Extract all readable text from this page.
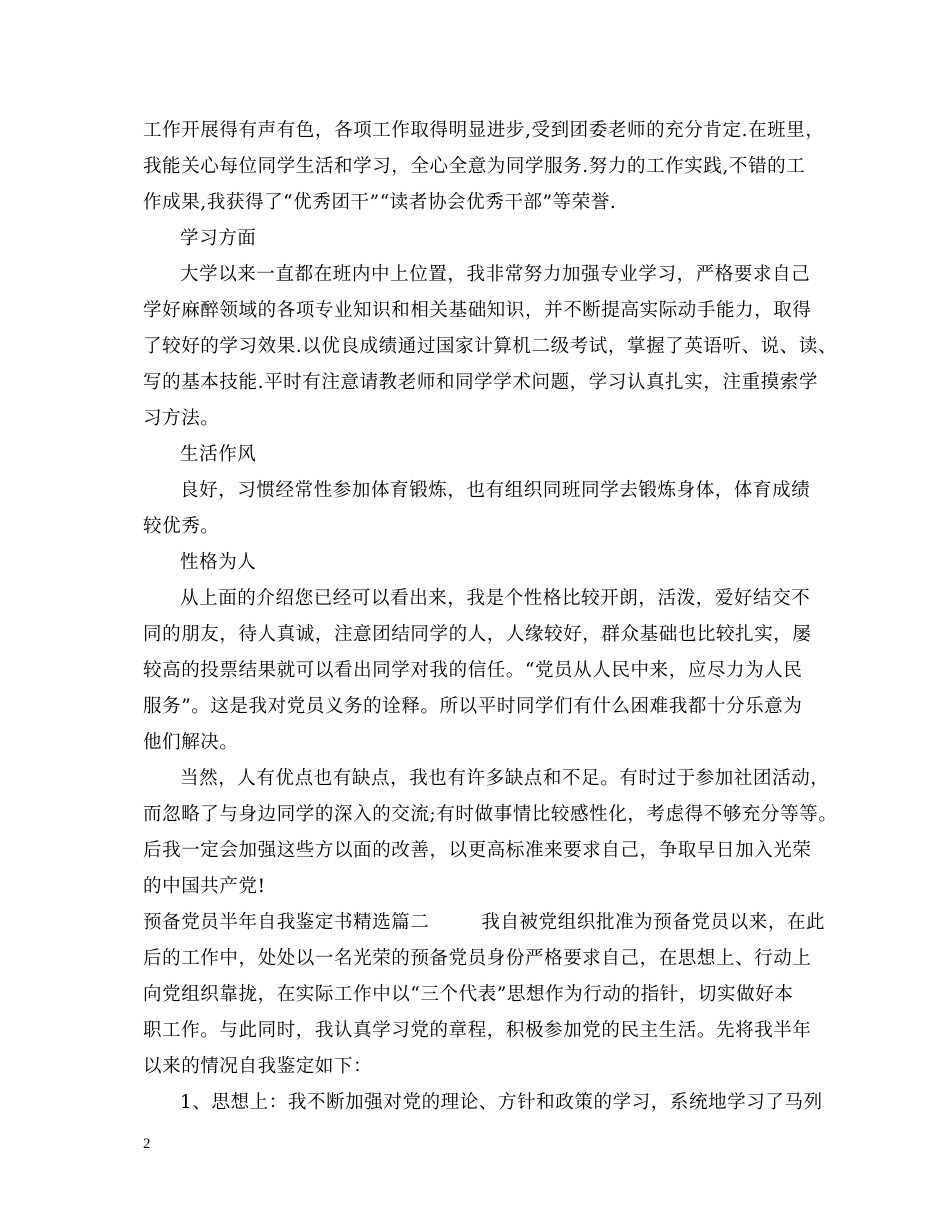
工作开展得有声有色，各项工作取得明显进步,受到团委老师的充分肯定.在班里，
我能关心每位同学生活和学习，全心全意为同学服务.努力的工作实践,不错的工
作成果,我获得了“优秀团干”“读者协会优秀干部”等荣誉.
学习方面
大学以来一直都在班内中上位置，我非常努力加强专业学习，严格要求自己
学好麻醉领域的各项专业知识和相关基础知识，并不断提高实际动手能力，取得
了较好的学习效果.以优良成绩通过国家计算机二级考试，掌握了英语听、说、读、
写的基本技能.平时有注意请教老师和同学学术问题，学习认真扎实，注重摸索学
习方法。
生活作风
良好，习惯经常性参加体育锻炼，也有组织同班同学去锻炼身体，体育成绩
较优秀。
性格为人
从上面的介绍您已经可以看出来，我是个性格比较开朗，活泼，爱好结交不
同的朋友，待人真诚，注意团结同学的人，人缘较好，群众基础也比较扎实，屡
较高的投票结果就可以看出同学对我的信任。“党员从人民中来，应尽力为人民
服务”。这是我对党员义务的诠释。所以平时同学们有什么困难我都十分乐意为
他们解决。
当然，人有优点也有缺点，我也有许多缺点和不足。有时过于参加社团活动，
而忽略了与身边同学的深入的交流;有时做事情比较感性化，考虑得不够充分等等。
后我一定会加强这些方以面的改善，以更高标准来要求自己，争取早日加入光荣
的中国共产党!
预备党员半年自我鉴定书精选篇二        我自被党组织批准为预备党员以来，在此
后的工作中，处处以一名光荣的预备党员身份严格要求自己，在思想上、行动上
向党组织靠拢，在实际工作中以“三个代表”思想作为行动的指针，切实做好本
职工作。与此同时，我认真学习党的章程，积极参加党的民主生活。先将我半年
以来的情况自我鉴定如下：
1、思想上：我不断加强对党的理论、方针和政策的学习，系统地学习了马列
2
